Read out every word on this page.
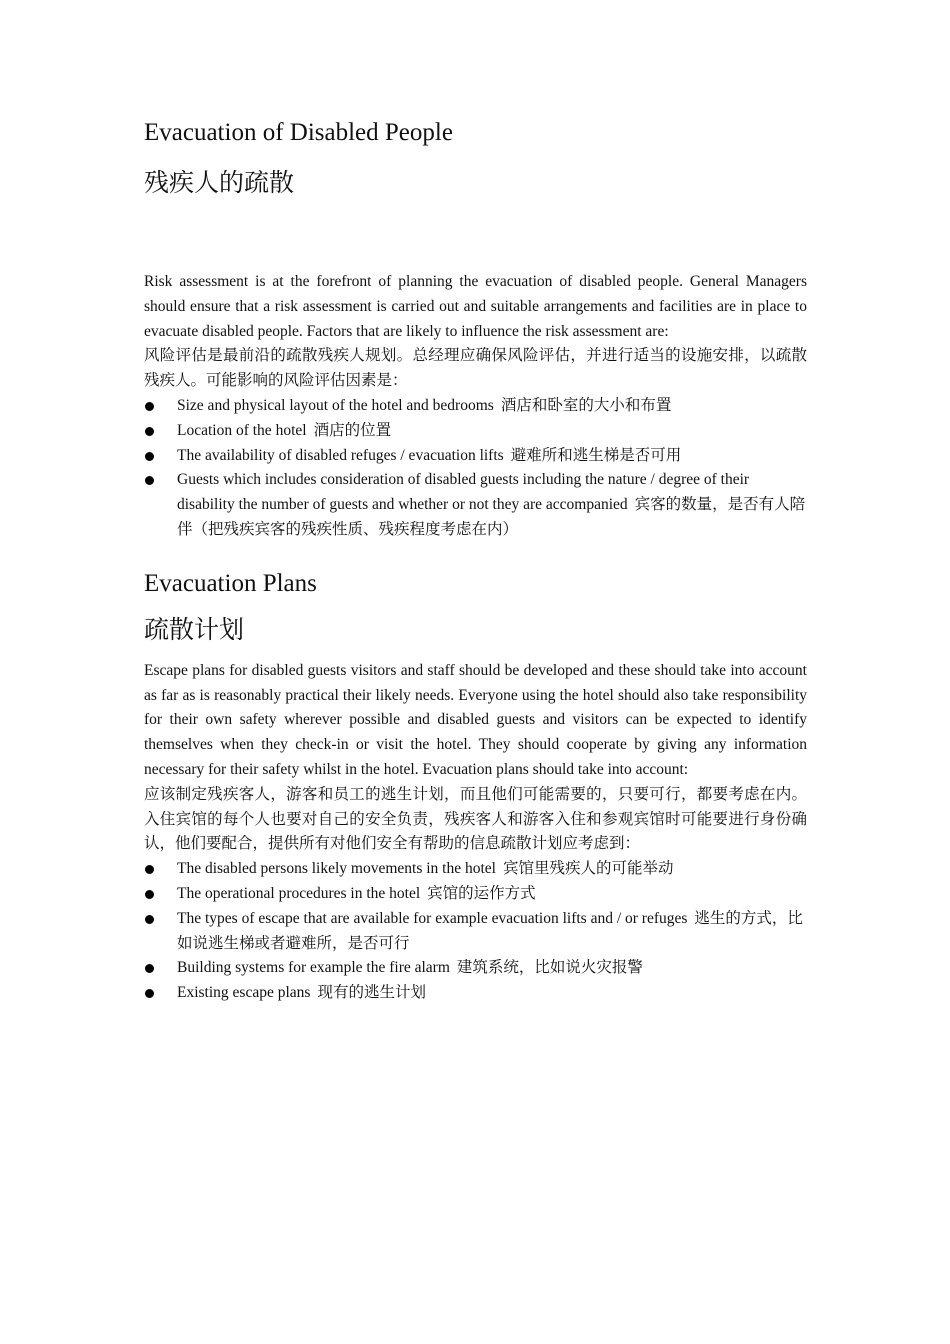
Evacuation of Disabled People
残疾人的疏散

Risk assessment is at the forefront of planning the evacuation of disabled people. General Managers should ensure that a risk assessment is carried out and suitable arrangements and facilities are in place to evacuate disabled people. Factors that are likely to influence the risk assessment are:

风险评估是最前沿的疏散残疾人规划。总经理应确保风险评估，并进行适当的设施安排，以疏散残疾人。可能影响的风险评估因素是：

Size and physical layout of the hotel and bedrooms 酒店和卧室的大小和布置
Location of the hotel 酒店的位置
The availability of disabled refuges / evacuation lifts 避难所和逃生梯是否可用
Guests which includes consideration of disabled guests including the nature / degree of their disability the number of guests and whether or not they are accompanied 宾客的数量，是否有人陪伴（把残疾宾客的残疾性质、残疾程度考虑在内）
Evacuation Plans
疏散计划

Escape plans for disabled guests visitors and staff should be developed and these should take into account as far as is reasonably practical their likely needs. Everyone using the hotel should also take responsibility for their own safety wherever possible and disabled guests and visitors can be expected to identify themselves when they check-in or visit the hotel. They should cooperate by giving any information necessary for their safety whilst in the hotel. Evacuation plans should take into account:

应该制定残疾客人，游客和员工的逃生计划，而且他们可能需要的，只要可行，都要考虑在内。入住宾馆的每个人也要对自己的安全负责，残疾客人和游客入住和参观宾馆时可能要进行身份确认，他们要配合，提供所有对他们安全有帮助的信息疏散计划应考虑到：

The disabled persons likely movements in the hotel 宾馆里残疾人的可能举动
The operational procedures in the hotel 宾馆的运作方式
The types of escape that are available for example evacuation lifts and / or refuges 逃生的方式，比如说逃生梯或者避难所，是否可行
Building systems for example the fire alarm 建筑系统，比如说火灾报警
Existing escape plans 现有的逃生计划
